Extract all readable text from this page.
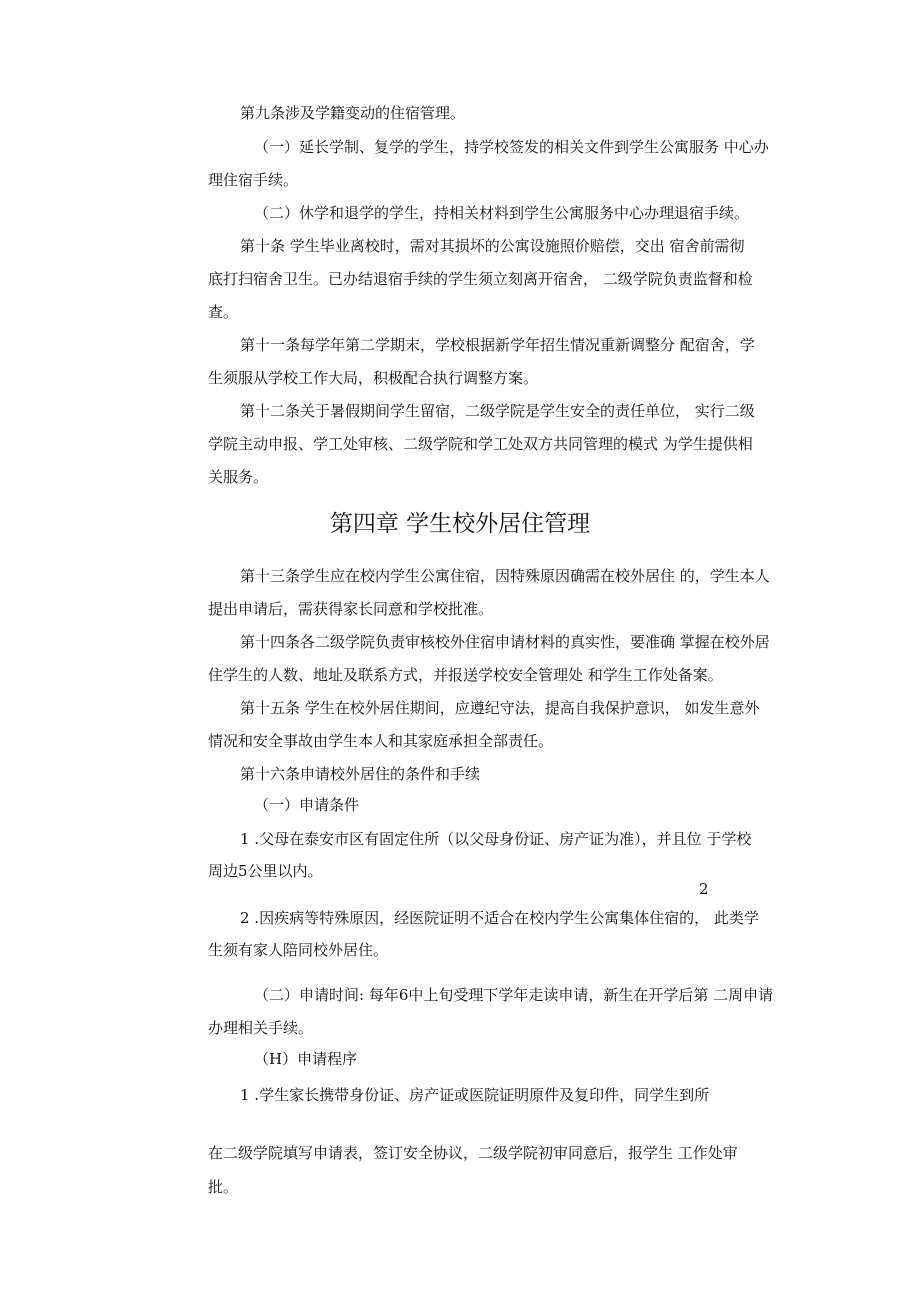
第九条涉及学籍变动的住宿管理。
（一）延长学制、复学的学生，持学校签发的相关文件到学生公寓服务 中心办
理住宿手续。
（二）休学和退学的学生，持相关材料到学生公寓服务中心办理退宿手续。
第十条 学生毕业离校时，需对其损坏的公寓设施照价赔偿，交出 宿舍前需彻
底打扫宿舍卫生。已办结退宿手续的学生须立刻离开宿舍， 二级学院负责监督和检
查。
第十一条每学年第二学期末，学校根据新学年招生情况重新调整分 配宿舍，学
生须服从学校工作大局，积极配合执行调整方案。
第十二条关于暑假期间学生留宿，二级学院是学生安全的责任单位， 实行二级
学院主动申报、学工处审核、二级学院和学工处双方共同管理的模式 为学生提供相
关服务。
第四章 学生校外居住管理
第十三条学生应在校内学生公寓住宿，因特殊原因确需在校外居住 的，学生本人
提出申请后，需获得家长同意和学校批准。
第十四条各二级学院负责审核校外住宿申请材料的真实性，要准确 掌握在校外居
住学生的人数、地址及联系方式，并报送学校安全管理处 和学生工作处备案。
第十五条 学生在校外居住期间，应遵纪守法，提高自我保护意识， 如发生意外
情况和安全事故由学生本人和其家庭承担全部责任。
第十六条申请校外居住的条件和手续
（一）申请条件
1 .父母在泰安市区有固定住所（以父母身份证、房产证为准），并且位 于学校
周边5公里以内。
2
2 .因疾病等特殊原因，经医院证明不适合在校内学生公寓集体住宿的， 此类学
生须有家人陪同校外居住。
（二）申请时间: 每年6中上旬受理下学年走读申请，新生在开学后第 二周申请
办理相关手续。
（H）申请程序
1 .学生家长携带身份证、房产证或医院证明原件及复印件，同学生到所
在二级学院填写申请表，签订安全协议，二级学院初审同意后，报学生 工作处审
批。
